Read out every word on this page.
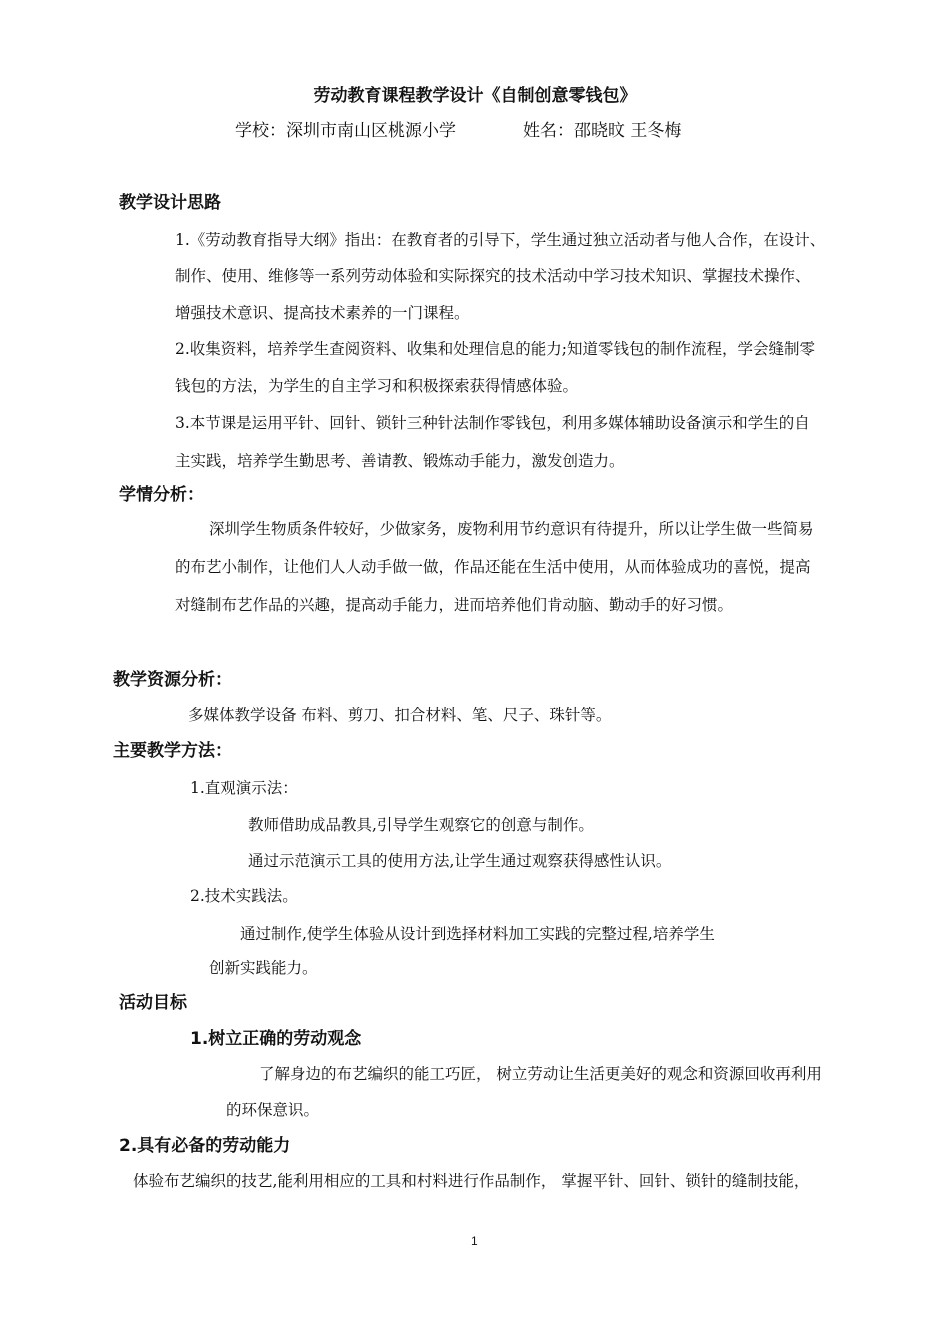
劳动教育课程教学设计《自制创意零钱包》
学校：深圳市南山区桃源小学	姓名：邵晓旼 王冬梅
教学设计思路
1.《劳动教育指导大纲》指出：在教育者的引导下，学生通过独立活动者与他人合作，在设计、
制作、使用、维修等一系列劳动体验和实际探究的技术活动中学习技术知识、掌握技术操作、
增强技术意识、提高技术素养的一门课程。
2.收集资料，培养学生查阅资料、收集和处理信息的能力;知道零钱包的制作流程，学会缝制零
钱包的方法，为学生的自主学习和积极探索获得情感体验。
3.本节课是运用平针、回针、锁针三种针法制作零钱包，利用多媒体辅助设备演示和学生的自
主实践，培养学生勤思考、善请教、锻炼动手能力，激发创造力。
学情分析：
深圳学生物质条件较好，少做家务，废物利用节约意识有待提升，所以让学生做一些简易
的布艺小制作，让他们人人动手做一做，作品还能在生活中使用，从而体验成功的喜悦，提高
对缝制布艺作品的兴趣，提高动手能力，进而培养他们肯动脑、勤动手的好习惯。
教学资源分析：
多媒体教学设备 布料、剪刀、扣合材料、笔、尺子、珠针等。
主要教学方法：
1.直观演示法：
教师借助成品教具,引导学生观察它的创意与制作。
通过示范演示工具的使用方法,让学生通过观察获得感性认识。
2.技术实践法。
通过制作,使学生体验从设计到选择材料加工实践的完整过程,培养学生
创新实践能力。
活动目标
1.树立正确的劳动观念
了解身边的布艺编织的能工巧匠， 树立劳动让生活更美好的观念和资源回收再利用
的环保意识。
2.具有必备的劳动能力
体验布艺编织的技艺,能利用相应的工具和村料进行作品制作， 掌握平针、回针、锁针的缝制技能，
1
